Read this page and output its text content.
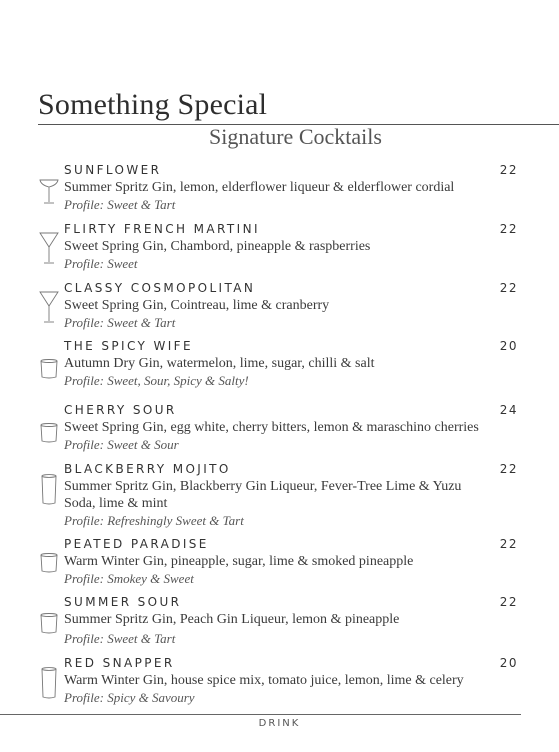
Something Special
Signature Cocktails
SUNFLOWER	22
Summer Spritz Gin, lemon, elderflower liqueur & elderflower cordial
Profile: Sweet & Tart
FLIRTY FRENCH MARTINI	22
Sweet Spring Gin, Chambord, pineapple & raspberries
Profile: Sweet
CLASSY COSMOPOLITAN	22
Sweet Spring Gin, Cointreau, lime & cranberry
Profile: Sweet & Tart
THE SPICY WIFE	20
Autumn Dry Gin, watermelon, lime, sugar, chilli & salt
Profile: Sweet, Sour, Spicy & Salty!
CHERRY SOUR	24
Sweet Spring Gin, egg white, cherry bitters, lemon & maraschino cherries
Profile: Sweet & Sour
BLACKBERRY MOJITO	22
Summer Spritz Gin, Blackberry Gin Liqueur, Fever-Tree Lime & Yuzu Soda, lime & mint
Profile: Refreshingly Sweet & Tart
PEATED PARADISE	22
Warm Winter Gin, pineapple, sugar, lime & smoked pineapple
Profile: Smokey & Sweet
SUMMER SOUR	22
Summer Spritz Gin, Peach Gin Liqueur, lemon & pineapple
Profile: Sweet & Tart
RED SNAPPER	20
Warm Winter Gin, house spice mix, tomato juice, lemon, lime & celery
Profile: Spicy & Savoury
DRINK
